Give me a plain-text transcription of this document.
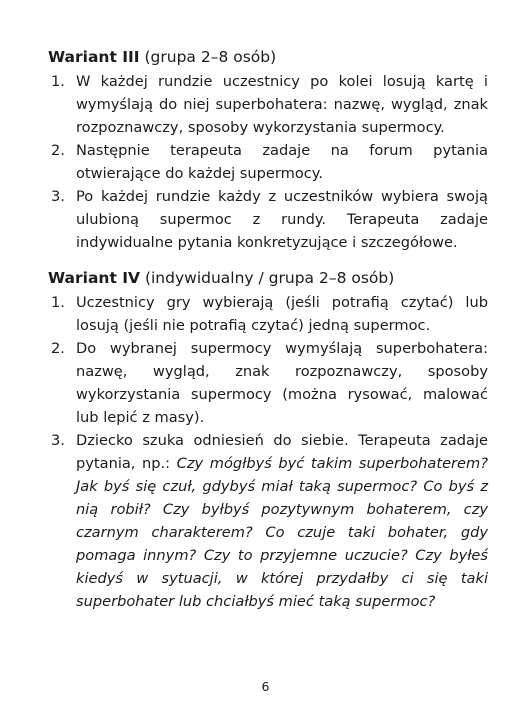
Wariant III (grupa 2–8 osób)
1. W każdej rundzie uczestnicy po kolei losują kartę i wymyślają do niej superbohatera: nazwę, wygląd, znak rozpoznawczy, sposoby wykorzystania supermocy.
2. Następnie terapeuta zadaje na forum pytania otwierające do każdej supermocy.
3. Po każdej rundzie każdy z uczestników wybiera swoją ulubioną supermoc z rundy. Terapeuta zadaje indywidualne pytania konkretyzujące i szczegółowe.
Wariant IV (indywidualny / grupa 2–8 osób)
1. Uczestnicy gry wybierają (jeśli potrafią czytać) lub losują (jeśli nie potrafią czytać) jedną supermoc.
2. Do wybranej supermocy wymyślają superbohatera: nazwę, wygląd, znak rozpoznawczy, sposoby wykorzystania supermocy (można rysować, malować lub lepić z masy).
3. Dziecko szuka odniesień do siebie. Terapeuta zadaje pytania, np.: Czy mógłbyś być takim superbohaterem? Jak byś się czuł, gdybyś miał taką supermoc? Co byś z nią robił? Czy byłbyś pozytywnym bohaterem, czy czarnym charakterem? Co czuje taki bohater, gdy pomaga innym? Czy to przyjemne uczucie? Czy byłeś kiedyś w sytuacji, w której przydałby ci się taki superbohater lub chciałbyś mieć taką supermoc?
6
